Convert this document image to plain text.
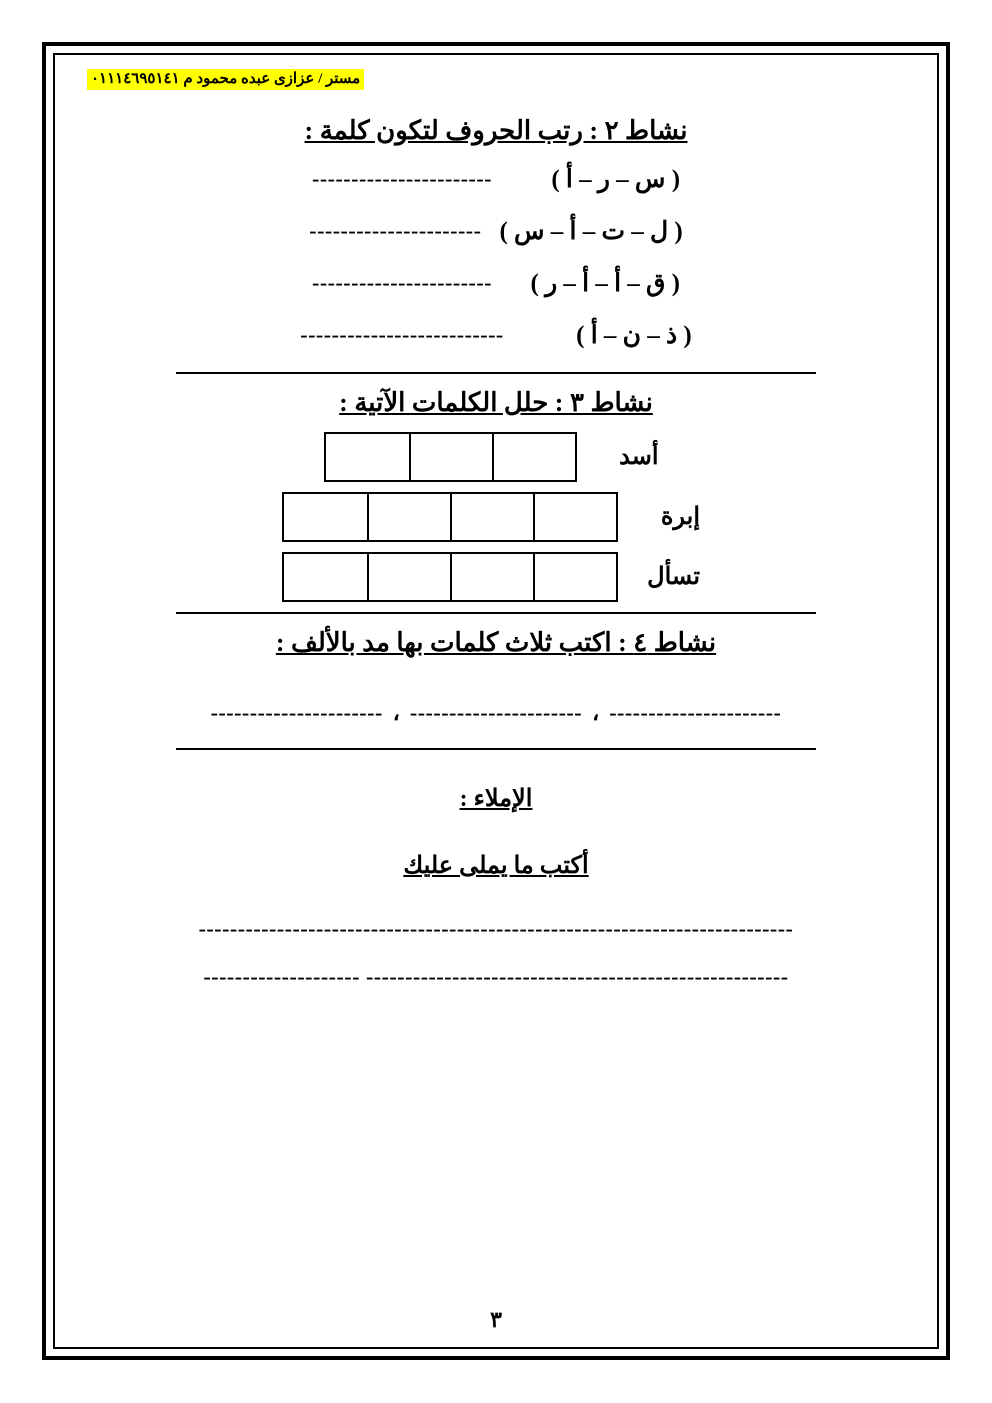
مستر / عزازى عبده محمود م ٠١١١٤٦٩٥١٤١
نشاط ٢ : رتب الحروف لتكون كلمة :
( س – ر – أ )
-----------------------
( ل – ت – أ – س )
----------------------
( ق – أ – أ – ر )
-----------------------
( ذ – ن – أ )
--------------------------
نشاط ٣ : حلل الكلمات الآتية :
أسد
إبرة
تسأل
نشاط ٤ : اكتب ثلاث كلمات بها مد بالألف :
----------------------
،
----------------------
،
----------------------
الإملاء :
أكتب ما يملى عليك
----------------------------------------------------------------------------
------------------------------------------------------ --------------------
٣
